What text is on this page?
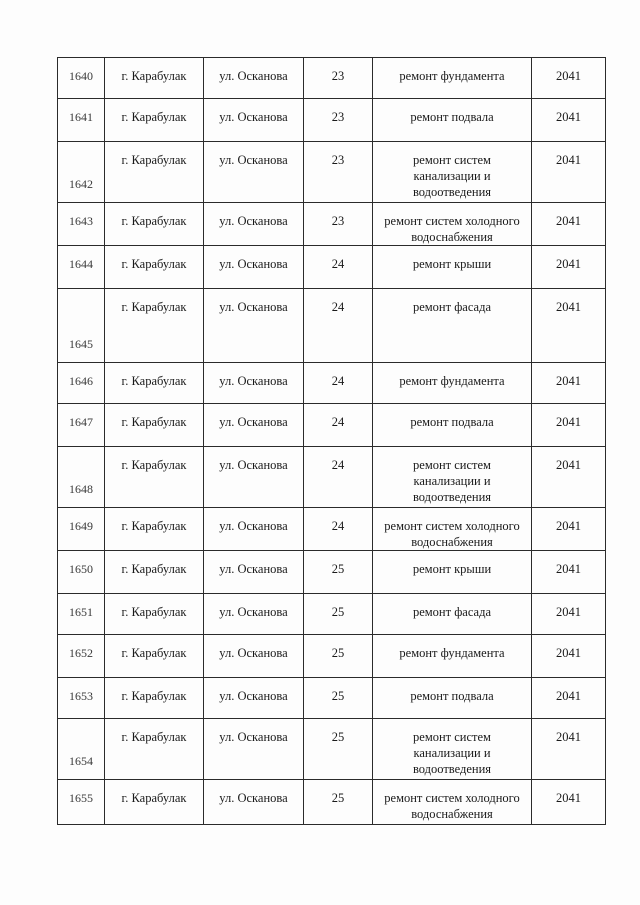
1640	г. Карабулак	ул. Осканова	23	ремонт фундамента	2041

1641	г. Карабулак	ул. Осканова	23	ремонт подвала	2041

1642	г. Карабулак	ул. Осканова	23	ремонт систем канализации и водоотведения	2041

1643	г. Карабулак	ул. Осканова	23	ремонт систем холодного водоснабжения	2041

1644	г. Карабулак	ул. Осканова	24	ремонт крыши	2041

1645	г. Карабулак	ул. Осканова	24	ремонт фасада	2041

1646	г. Карабулак	ул. Осканова	24	ремонт фундамента	2041

1647	г. Карабулак	ул. Осканова	24	ремонт подвала	2041

1648	г. Карабулак	ул. Осканова	24	ремонт систем канализации и водоотведения	2041

1649	г. Карабулак	ул. Осканова	24	ремонт систем холодного водоснабжения	2041

1650	г. Карабулак	ул. Осканова	25	ремонт крыши	2041

1651	г. Карабулак	ул. Осканова	25	ремонт фасада	2041

1652	г. Карабулак	ул. Осканова	25	ремонт фундамента	2041

1653	г. Карабулак	ул. Осканова	25	ремонт подвала	2041

1654	г. Карабулак	ул. Осканова	25	ремонт систем канализации и водоотведения	2041

1655	г. Карабулак	ул. Осканова	25	ремонт систем холодного водоснабжения	2041
